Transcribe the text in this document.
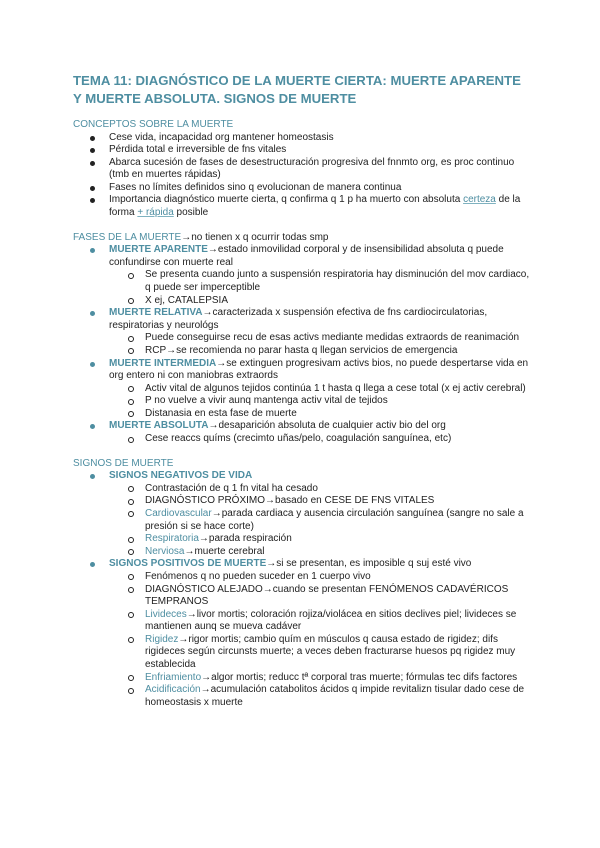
TEMA 11: DIAGNÓSTICO DE LA MUERTE CIERTA: MUERTE APARENTE Y MUERTE ABSOLUTA. SIGNOS DE MUERTE

CONCEPTOS SOBRE LA MUERTE

Cese vida, incapacidad org mantener homeostasis
Pérdida total e irreversible de fns vitales
Abarca sucesión de fases de desestructuración progresiva del fnnmto org, es proc continuo (tmb en muertes rápidas)
Fases no límites definidos sino q evolucionan de manera continua
Importancia diagnóstico muerte cierta, q confirma q 1 p ha muerto con absoluta certeza de la forma + rápida posible

FASES DE LA MUERTE→no tienen x q ocurrir todas smp

MUERTE APARENTE→estado inmovilidad corporal y de insensibilidad absoluta q puede confundirse con muerte real
Se presenta cuando junto a suspensión respiratoria hay disminución del mov cardiaco, q puede ser imperceptible
X ej, CATALEPSIA
MUERTE RELATIVA→caracterizada x suspensión efectiva de fns cardiocirculatorias, respiratorias y neurológs
Puede conseguirse recu de esas activs mediante medidas extraords de reanimación
RCP→se recomienda no parar hasta q llegan servicios de emergencia
MUERTE INTERMEDIA→se extinguen progresivam activs bios, no puede despertarse vida en org entero ni con maniobras extraords
Activ vital de algunos tejidos continúa 1 t hasta q llega a cese total (x ej activ cerebral)
P no vuelve a vivir aunq mantenga activ vital de tejidos
Distanasia en esta fase de muerte
MUERTE ABSOLUTA→desaparición absoluta de cualquier activ bio del org
Cese reaccs químs (crecimto uñas/pelo, coagulación sanguínea, etc)

SIGNOS DE MUERTE

SIGNOS NEGATIVOS DE VIDA
Contrastación de q 1 fn vital ha cesado
DIAGNÓSTICO PRÓXIMO→basado en CESE DE FNS VITALES
Cardiovascular→parada cardiaca y ausencia circulación sanguínea (sangre no sale a presión si se hace corte)
Respiratoria→parada respiración
Nerviosa→muerte cerebral
SIGNOS POSITIVOS DE MUERTE→si se presentan, es imposible q suj esté vivo
Fenómenos q no pueden suceder en 1 cuerpo vivo
DIAGNÓSTICO ALEJADO→cuando se presentan FENÓMENOS CADAVÉRICOS TEMPRANOS
Livideces→livor mortis; coloración rojiza/violácea en sitios declives piel; livideces se mantienen aunq se mueva cadáver
Rigidez→rigor mortis; cambio quím en músculos q causa estado de rigidez; difs rigideces según circunsts muerte; a veces deben fracturarse huesos pq rigidez muy establecida
Enfriamiento→algor mortis; reducc tª corporal tras muerte; fórmulas tec difs factores
Acidificación→acumulación catabolitos ácidos q impide revitalizn tisular dado cese de homeostasis x muerte
